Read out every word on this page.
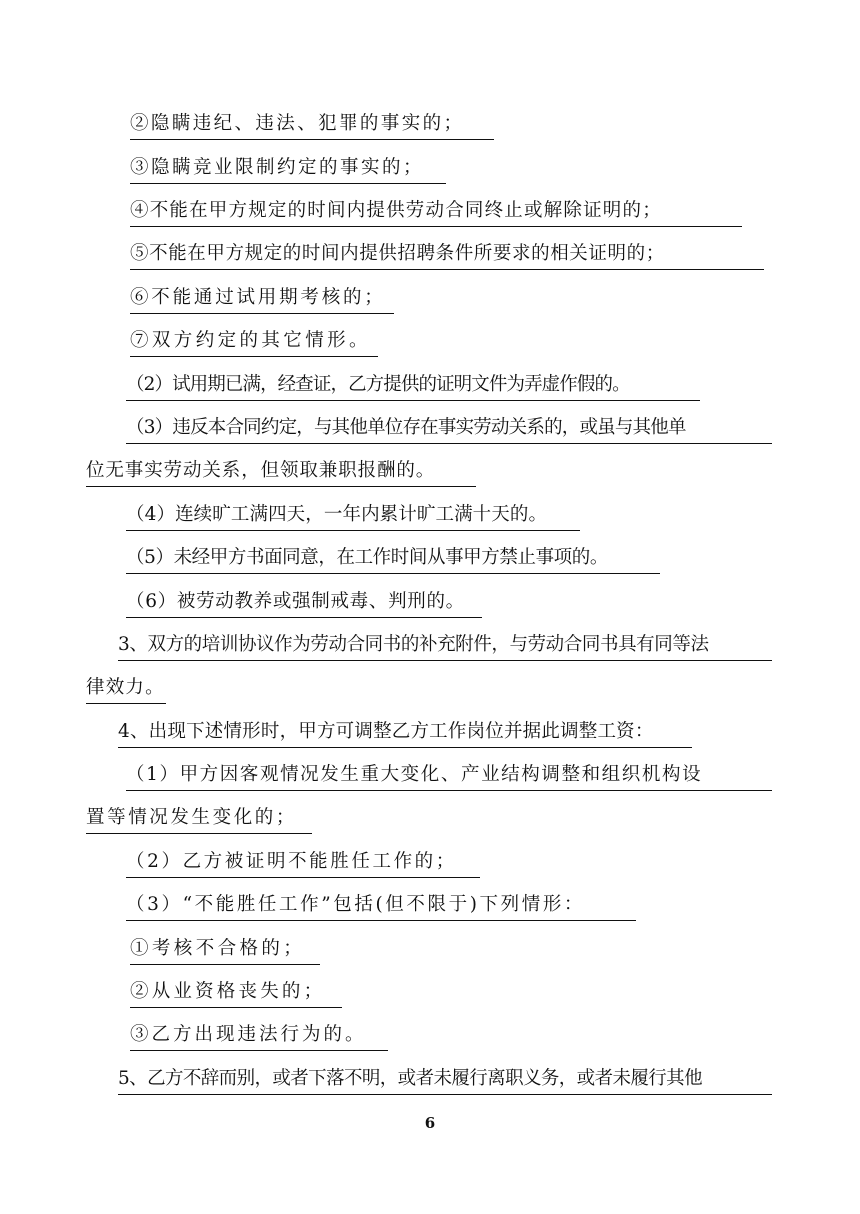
②隐瞒违纪、违法、犯罪的事实的；
③隐瞒竞业限制约定的事实的；
④不能在甲方规定的时间内提供劳动合同终止或解除证明的；
⑤不能在甲方规定的时间内提供招聘条件所要求的相关证明的；
⑥不能通过试用期考核的；
⑦双方约定的其它情形。
（2）试用期已满，经查证，乙方提供的证明文件为弄虚作假的。
（3）违反本合同约定，与其他单位存在事实劳动关系的，或虽与其他单
位无事实劳动关系，但领取兼职报酬的。
（4）连续旷工满四天，一年内累计旷工满十天的。
（5）未经甲方书面同意，在工作时间从事甲方禁止事项的。
（6）被劳动教养或强制戒毒、判刑的。
3、双方的培训协议作为劳动合同书的补充附件，与劳动合同书具有同等法
律效力。
4、出现下述情形时，甲方可调整乙方工作岗位并据此调整工资：
（1）甲方因客观情况发生重大变化、产业结构调整和组织机构设
置等情况发生变化的；
（2）乙方被证明不能胜任工作的；
（3）“不能胜任工作”包括(但不限于)下列情形：
①考核不合格的；
②从业资格丧失的；
③乙方出现违法行为的。
5、乙方不辞而别，或者下落不明，或者未履行离职义务，或者未履行其他
6
